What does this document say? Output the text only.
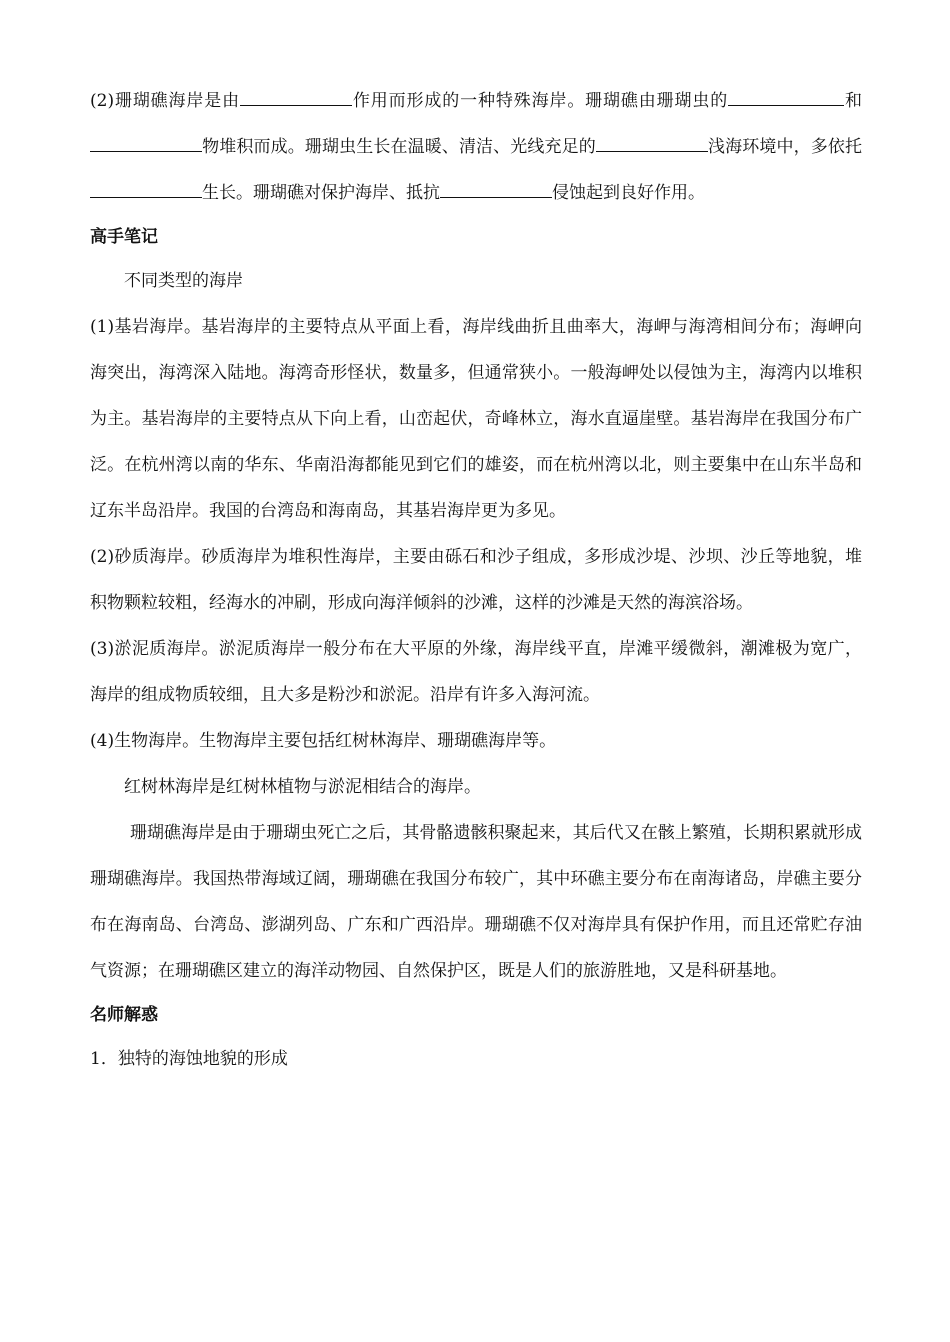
(2)珊瑚礁海岸是由	作用而形成的一种特殊海岸。珊瑚礁由珊瑚虫的	和物堆积而成。珊瑚虫生长在温暖、清洁、光线充足的	浅海环境中，多依托生长。珊瑚礁对保护海岸、抵抗	侵蚀起到良好作用。

高手笔记

不同类型的海岸

(1)基岩海岸。基岩海岸的主要特点从平面上看，海岸线曲折且曲率大，海岬与海湾相间分布；海岬向海突出，海湾深入陆地。海湾奇形怪状，数量多，但通常狭小。一般海岬处以侵蚀为主，海湾内以堆积为主。基岩海岸的主要特点从下向上看，山峦起伏，奇峰林立，海水直逼崖壁。基岩海岸在我国分布广泛。在杭州湾以南的华东、华南沿海都能见到它们的雄姿，而在杭州湾以北，则主要集中在山东半岛和辽东半岛沿岸。我国的台湾岛和海南岛，其基岩海岸更为多见。

(2)砂质海岸。砂质海岸为堆积性海岸，主要由砾石和沙子组成，多形成沙堤、沙坝、沙丘等地貌，堆积物颗粒较粗，经海水的冲刷，形成向海洋倾斜的沙滩，这样的沙滩是天然的海滨浴场。

(3)淤泥质海岸。淤泥质海岸一般分布在大平原的外缘，海岸线平直，岸滩平缓微斜，潮滩极为宽广，海岸的组成物质较细，且大多是粉沙和淤泥。沿岸有许多入海河流。

(4)生物海岸。生物海岸主要包括红树林海岸、珊瑚礁海岸等。

红树林海岸是红树林植物与淤泥相结合的海岸。

珊瑚礁海岸是由于珊瑚虫死亡之后，其骨骼遗骸积聚起来，其后代又在骸上繁殖，长期积累就形成珊瑚礁海岸。我国热带海域辽阔，珊瑚礁在我国分布较广，其中环礁主要分布在南海诸岛，岸礁主要分布在海南岛、台湾岛、澎湖列岛、广东和广西沿岸。珊瑚礁不仅对海岸具有保护作用，而且还常贮存油气资源；在珊瑚礁区建立的海洋动物园、自然保护区，既是人们的旅游胜地，又是科研基地。

名师解惑

1．独特的海蚀地貌的形成
